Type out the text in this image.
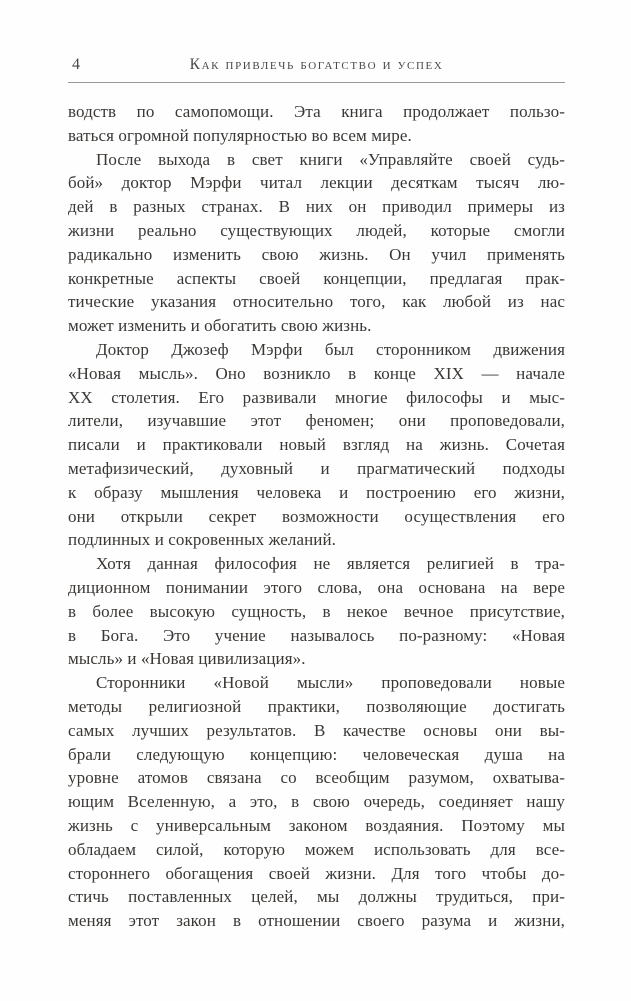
4	Как привлечь богатство и успех
водств по самопомощи. Эта книга продолжает пользо-
ваться огромной популярностью во всем мире.
После выхода в свет книги «Управляйте своей судь-
бой» доктор Мэрфи читал лекции десяткам тысяч лю-
дей в разных странах. В них он приводил примеры из
жизни реально существующих людей, которые смогли
радикально изменить свою жизнь. Он учил применять
конкретные аспекты своей концепции, предлагая прак-
тические указания относительно того, как любой из нас
может изменить и обогатить свою жизнь.
Доктор Джозеф Мэрфи был сторонником движения
«Новая мысль». Оно возникло в конце XIX — начале
XX столетия. Его развивали многие философы и мыс-
лители, изучавшие этот феномен; они проповедовали,
писали и практиковали новый взгляд на жизнь. Сочетая
метафизический, духовный и прагматический подходы
к образу мышления человека и построению его жизни,
они открыли секрет возможности осуществления его
подлинных и сокровенных желаний.
Хотя данная философия не является религией в тра-
диционном понимании этого слова, она основана на вере
в более высокую сущность, в некое вечное присутствие,
в Бога. Это учение называлось по-разному: «Новая
мысль» и «Новая цивилизация».
Сторонники «Новой мысли» проповедовали новые
методы религиозной практики, позволяющие достигать
самых лучших результатов. В качестве основы они вы-
брали следующую концепцию: человеческая душа на
уровне атомов связана со всеобщим разумом, охватыва-
ющим Вселенную, а это, в свою очередь, соединяет нашу
жизнь с универсальным законом воздаяния. Поэтому мы
обладаем силой, которую можем использовать для все-
стороннего обогащения своей жизни. Для того чтобы до-
стичь поставленных целей, мы должны трудиться, при-
меняя этот закон в отношении своего разума и жизни,
